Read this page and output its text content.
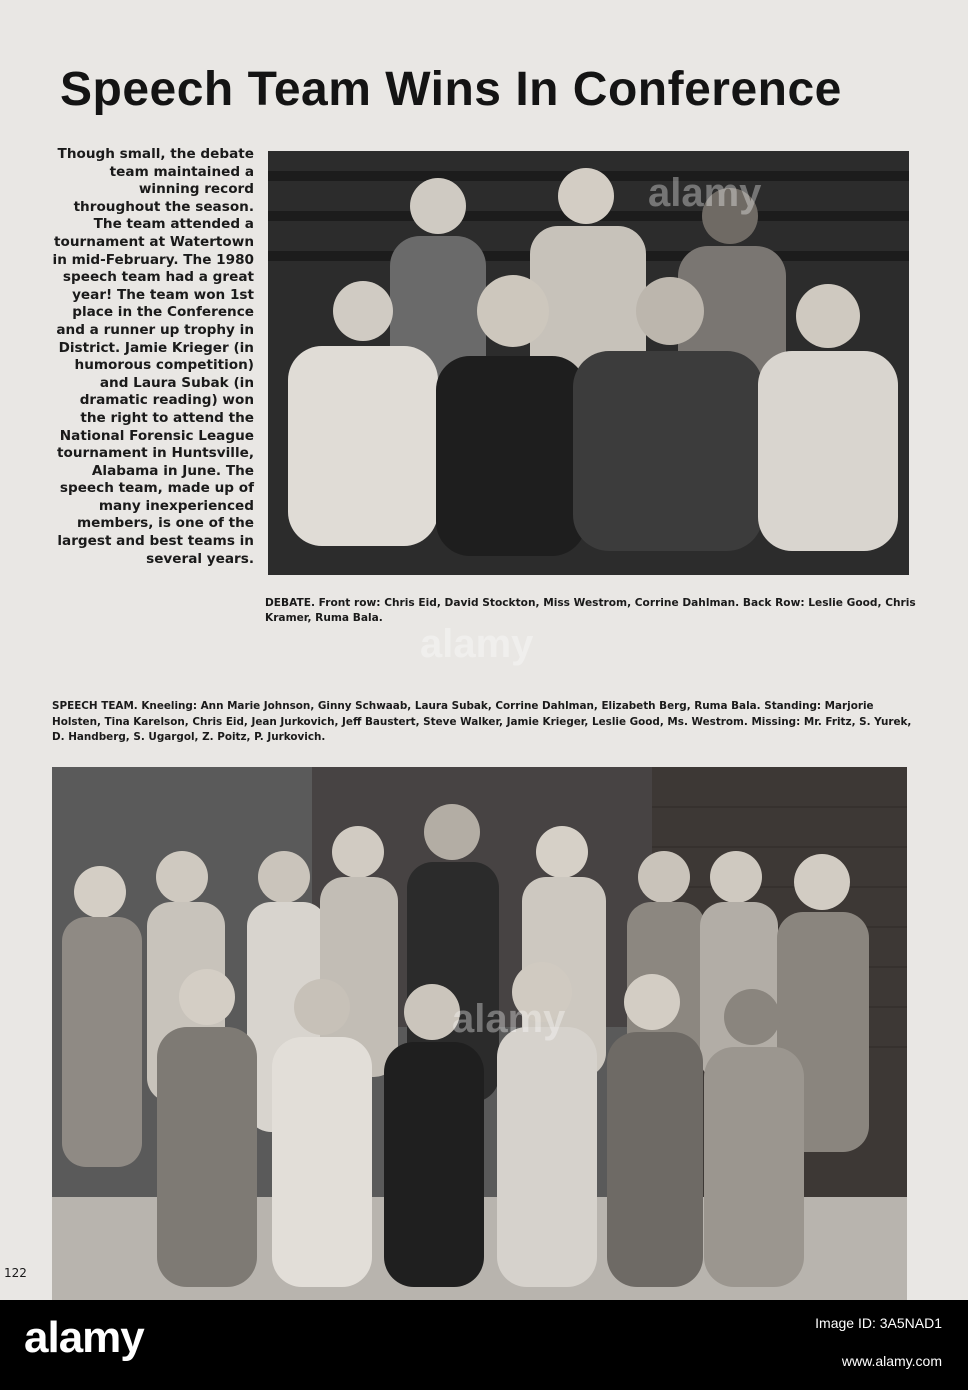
Speech Team Wins In Conference

Though small, the debate team maintained a winning record throughout the season. The team attended a tournament at Watertown in mid-February. The 1980 speech team had a great year! The team won 1st place in the Conference and a runner up trophy in District. Jamie Krieger (in humorous competition) and Laura Subak (in dramatic reading) won the right to attend the National Forensic League tournament in Huntsville, Alabama in June. The speech team, made up of many inexperienced members, is one of the largest and best teams in several years.

alamy

DEBATE. Front row: Chris Eid, David Stockton, Miss Westrom, Corrine Dahlman. Back Row: Leslie Good, Chris Kramer, Ruma Bala.

SPEECH TEAM. Kneeling: Ann Marie Johnson, Ginny Schwaab, Laura Subak, Corrine Dahlman, Elizabeth Berg, Ruma Bala. Standing: Marjorie Holsten, Tina Karelson, Chris Eid, Jean Jurkovich, Jeff Baustert, Steve Walker, Jamie Krieger, Leslie Good, Ms. Westrom. Missing: Mr. Fritz, S. Yurek, D. Handberg, S. Ugargol, Z. Poitz, P. Jurkovich.

alamy
alamy
122
alamy	Image ID: 3A5NAD1
www.alamy.com
